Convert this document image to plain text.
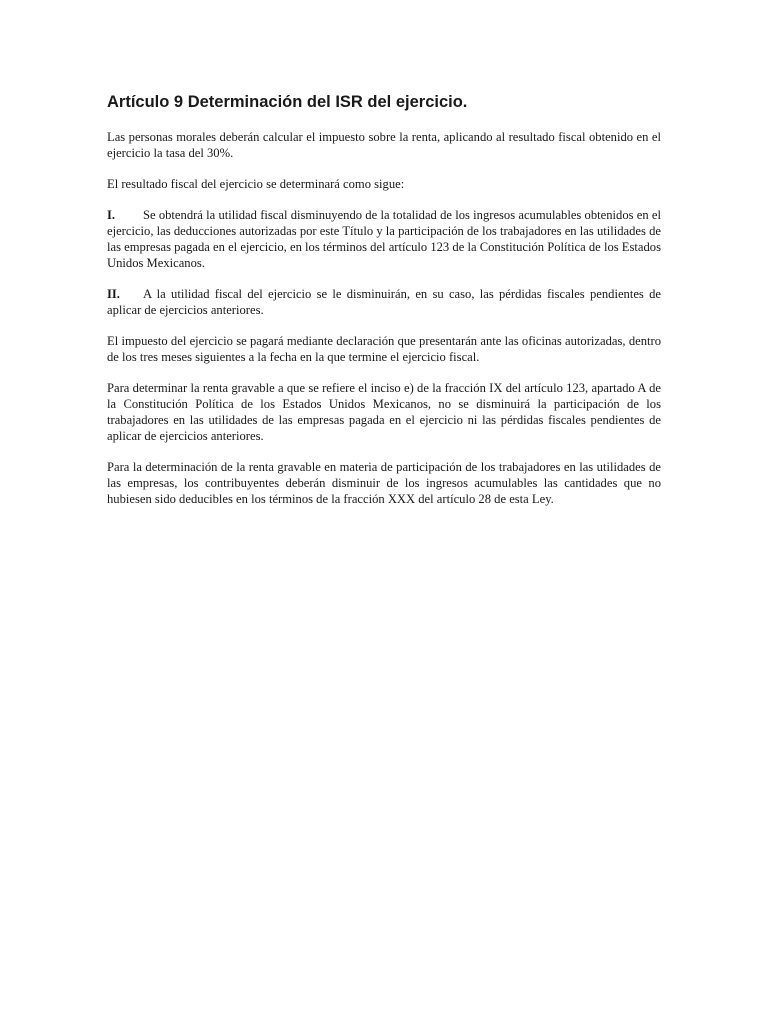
Artículo 9 Determinación del ISR del ejercicio.

Las personas morales deberán calcular el impuesto sobre la renta, aplicando al resultado fiscal obtenido en el ejercicio la tasa del 30%.

El resultado fiscal del ejercicio se determinará como sigue:

I. Se obtendrá la utilidad fiscal disminuyendo de la totalidad de los ingresos acumulables obtenidos en el ejercicio, las deducciones autorizadas por este Título y la participación de los trabajadores en las utilidades de las empresas pagada en el ejercicio, en los términos del artículo 123 de la Constitución Política de los Estados Unidos Mexicanos.

II. A la utilidad fiscal del ejercicio se le disminuirán, en su caso, las pérdidas fiscales pendientes de aplicar de ejercicios anteriores.

El impuesto del ejercicio se pagará mediante declaración que presentarán ante las oficinas autorizadas, dentro de los tres meses siguientes a la fecha en la que termine el ejercicio fiscal.

Para determinar la renta gravable a que se refiere el inciso e) de la fracción IX del artículo 123, apartado A de la Constitución Política de los Estados Unidos Mexicanos, no se disminuirá la participación de los trabajadores en las utilidades de las empresas pagada en el ejercicio ni las pérdidas fiscales pendientes de aplicar de ejercicios anteriores.

Para la determinación de la renta gravable en materia de participación de los trabajadores en las utilidades de las empresas, los contribuyentes deberán disminuir de los ingresos acumulables las cantidades que no hubiesen sido deducibles en los términos de la fracción XXX del artículo 28 de esta Ley.
